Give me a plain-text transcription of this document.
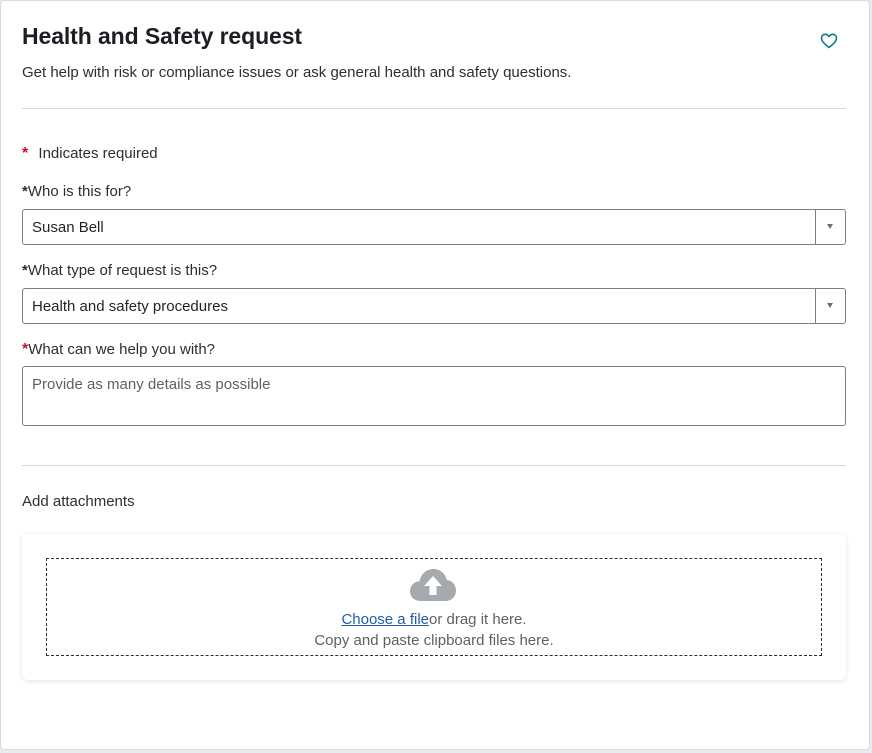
Health and Safety request
Get help with risk or compliance issues or ask general health and safety questions.
* Indicates required
*Who is this for?
Susan Bell
*What type of request is this?
Health and safety procedures
*What can we help you with?
Provide as many details as possible
Add attachments
Choose a fileor drag it here.
Copy and paste clipboard files here.
